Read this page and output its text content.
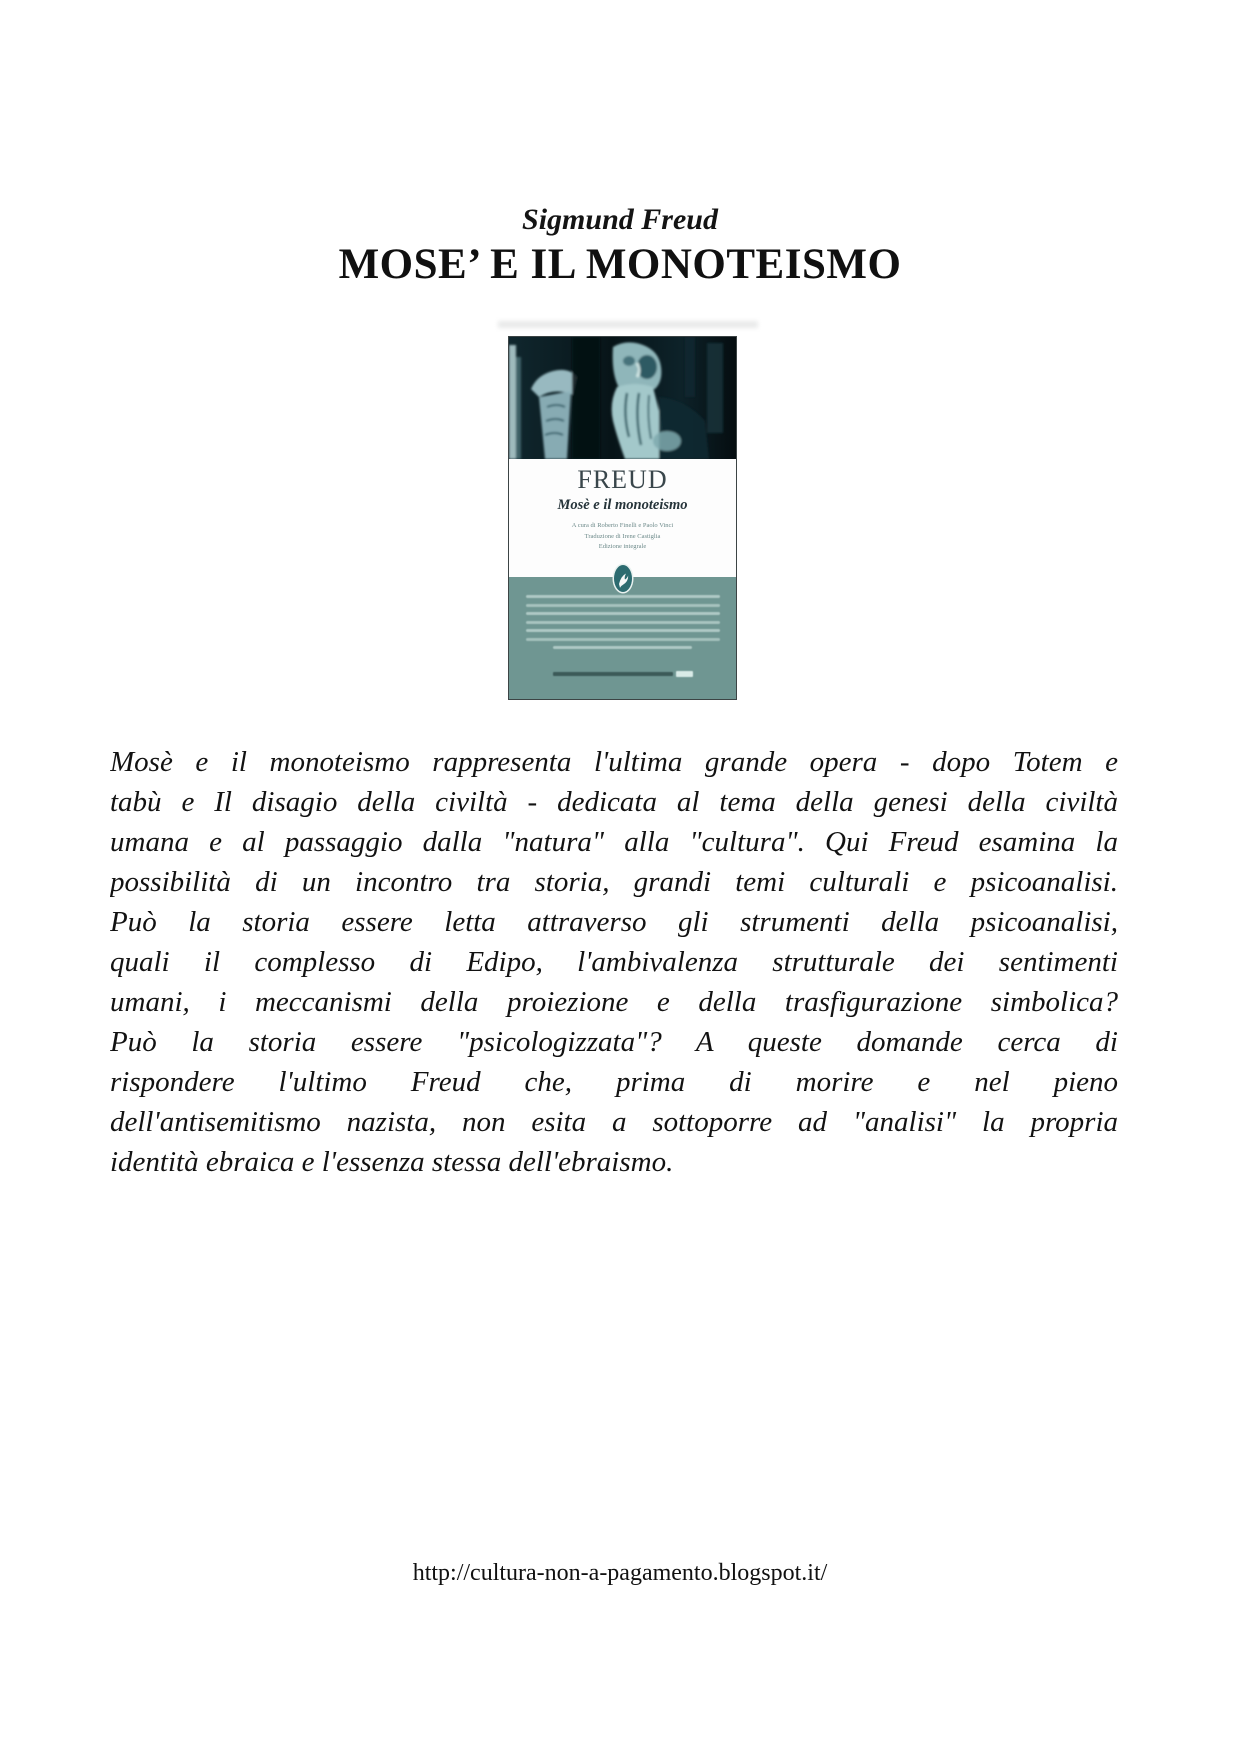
Sigmund Freud
MOSE’ E IL MONOTEISMO
FREUD
Mosè e il monoteismo
A cura di Roberto Finelli e Paolo Vinci
Traduzione di Irene Castiglia
Edizione integrale
Mosè e il monoteismo rappresenta l'ultima grande opera - dopo Totem e
tabù e Il disagio della civiltà - dedicata al tema della genesi della civiltà
umana e al passaggio dalla "natura" alla "cultura". Qui Freud esamina la
possibilità di un incontro tra storia, grandi temi culturali e psicoanalisi.
Può la storia essere letta attraverso gli strumenti della psicoanalisi,
quali il complesso di Edipo, l'ambivalenza strutturale dei sentimenti
umani, i meccanismi della proiezione e della trasfigurazione simbolica?
Può la storia essere "psicologizzata"? A queste domande cerca di
rispondere l'ultimo Freud che, prima di morire e nel pieno
dell'antisemitismo nazista, non esita a sottoporre ad "analisi" la propria
identità ebraica e l'essenza stessa dell'ebraismo.
http://cultura-non-a-pagamento.blogspot.it/
